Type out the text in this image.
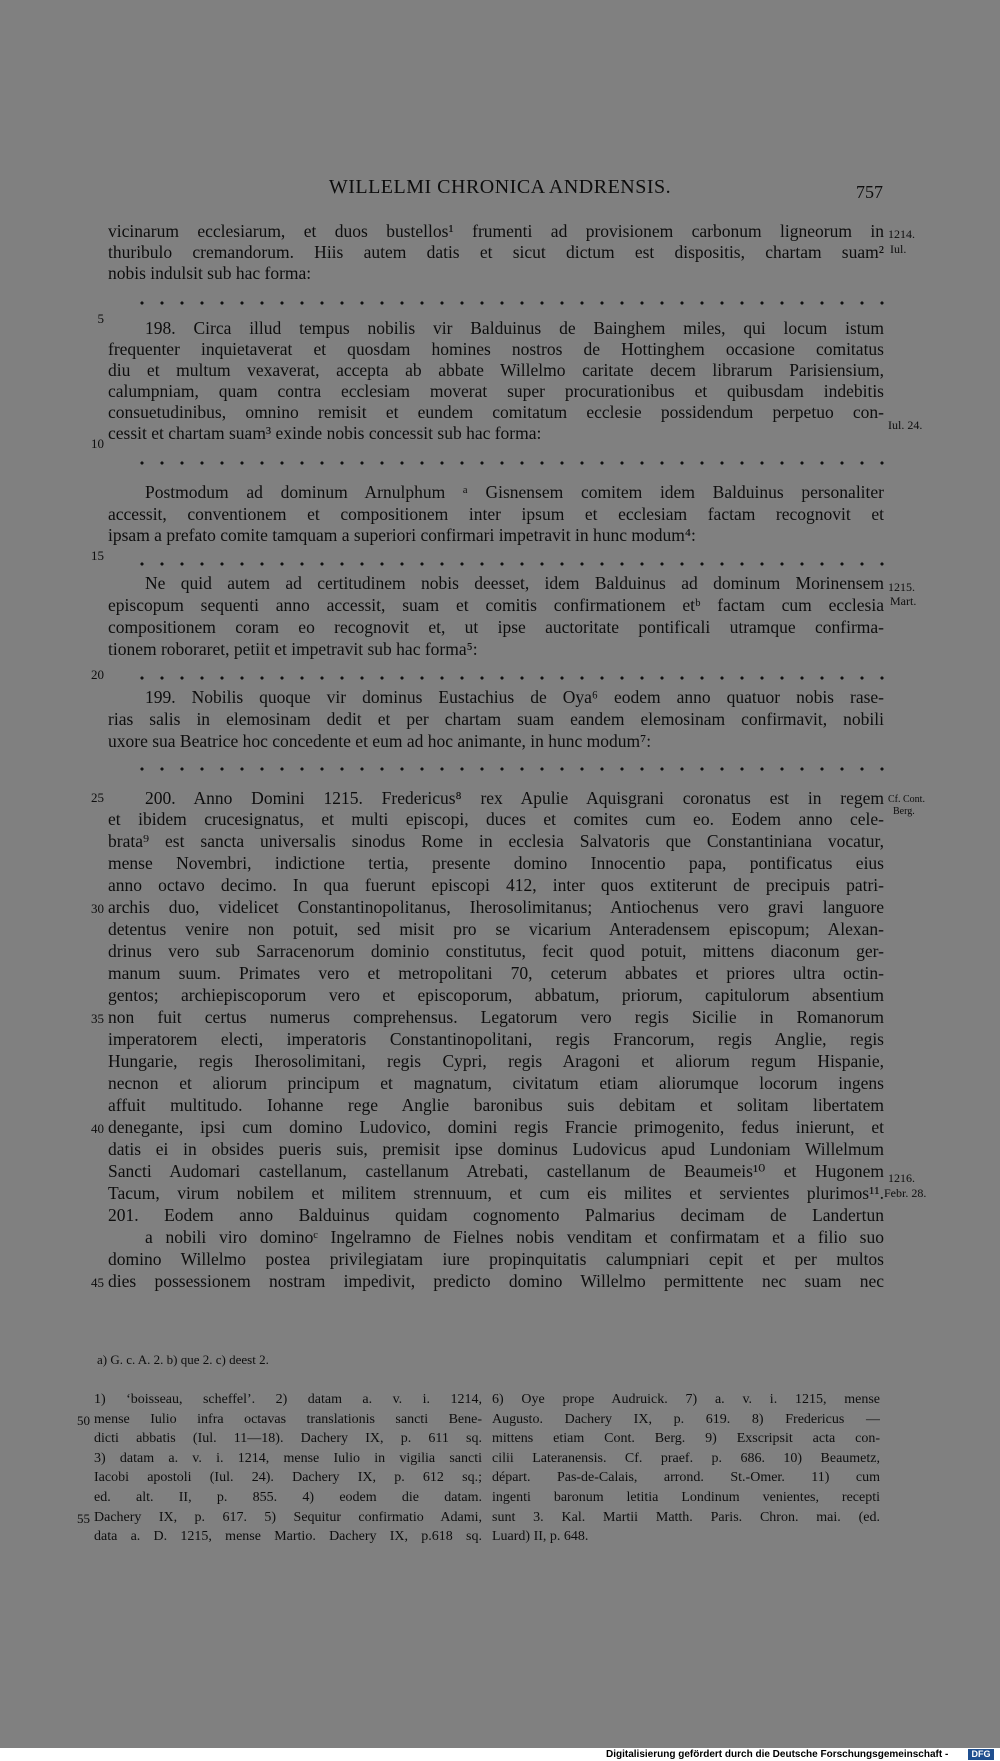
WILLELMI CHRONICA ANDRENSIS.	757
vicinarum ecclesiarum, et duos bustellos¹ frumenti ad provisionem carbonum ligneorum in
thuribulo cremandorum. Hiis autem datis et sicut dictum est dispositis, chartam suam²
nobis indulsit sub hac forma:
198. Circa illud tempus nobilis vir Balduinus de Bainghem miles, qui locum istum
frequenter inquietaverat et quosdam homines nostros de Hottinghem occasione comitatus
diu et multum vexaverat, accepta ab abbate Willelmo caritate decem librarum Parisiensium,
calumpniam, quam contra ecclesiam moverat super procurationibus et quibusdam indebitis
consuetudinibus, omnino remisit et eundem comitatum ecclesie possidendum perpetuo con-
cessit et chartam suam³ exinde nobis concessit sub hac forma:
Postmodum ad dominum Arnulphum ᵃ Gisnensem comitem idem Balduinus personaliter
accessit, conventionem et compositionem inter ipsum et ecclesiam factam recognovit et
ipsam a prefato comite tamquam a superiori confirmari impetravit in hunc modum⁴:
Ne quid autem ad certitudinem nobis deesset, idem Balduinus ad dominum Morinensem
episcopum sequenti anno accessit, suam et comitis confirmationem etᵇ factam cum ecclesia
compositionem coram eo recognovit et, ut ipse auctoritate pontificali utramque confirma-
tionem roboraret, petiit et impetravit sub hac forma⁵:
199. Nobilis quoque vir dominus Eustachius de Oya⁶ eodem anno quatuor nobis rase-
rias salis in elemosinam dedit et per chartam suam eandem elemosinam confirmavit, nobili
uxore sua Beatrice hoc concedente et eum ad hoc animante, in hunc modum⁷:
200. Anno Domini 1215. Fredericus⁸ rex Apulie Aquisgrani coronatus est in regem
et ibidem crucesignatus, et multi episcopi, duces et comites cum eo. Eodem anno cele-
brata⁹ est sancta universalis sinodus Rome in ecclesia Salvatoris que Constantiniana vocatur,
mense Novembri, indictione tertia, presente domino Innocentio papa, pontificatus eius
anno octavo decimo. In qua fuerunt episcopi 412, inter quos extiterunt de precipuis patri-
archis duo, videlicet Constantinopolitanus, Iherosolimitanus; Antiochenus vero gravi languore
detentus venire non potuit, sed misit pro se vicarium Anteradensem episcopum; Alexan-
drinus vero sub Sarracenorum dominio constitutus, fecit quod potuit, mittens diaconum ger-
manum suum. Primates vero et metropolitani 70, ceterum abbates et priores ultra octin-
gentos; archiepiscoporum vero et episcoporum, abbatum, priorum, capitulorum absentium
non fuit certus numerus comprehensus. Legatorum vero regis Sicilie in Romanorum
imperatorem electi, imperatoris Constantinopolitani, regis Francorum, regis Anglie, regis
Hungarie, regis Iherosolimitani, regis Cypri, regis Aragoni et aliorum regum Hispanie,
necnon et aliorum principum et magnatum, civitatum etiam aliorumque locorum ingens
affuit multitudo. Iohanne rege Anglie baronibus suis debitam et solitam libertatem
denegante, ipsi cum domino Ludovico, domini regis Francie primogenito, fedus inierunt, et
datis ei in obsides pueris suis, premisit ipse dominus Ludovicus apud Lundoniam Willelmum
Sancti Audomari castellanum, castellanum Atrebati, castellanum de Beaumeis¹⁰ et Hugonem
Tacum, virum nobilem et militem strennuum, et cum eis milites et servientes plurimos¹¹.
201. Eodem anno Balduinus quidam cognomento Palmarius decimam de Landertun
a nobili viro dominoᶜ Ingelramno de Fielnes nobis venditam et confirmatam et a filio suo
domino Willelmo postea privilegiatam iure propinquitatis calumpniari cepit et per multos
dies possessionem nostram impedivit, predicto domino Willelmo permittente nec suam nec
5
10
15
20
25
30
35
40
45
1214.
Iul.
Iul. 24.
1215.
Mart.
Cf. Cont.
Berg.
1216.
Febr. 28.
a) G. c. A. 2. b) que 2. c) deest 2.
1) ‘boisseau, scheffel’. 2) datam a. v. i. 1214,
mense Iulio infra octavas translationis sancti Bene-
dicti abbatis (Iul. 11—18). Dachery IX, p. 611 sq.
3) datam a. v. i. 1214, mense Iulio in vigilia sancti
Iacobi apostoli (Iul. 24). Dachery IX, p. 612 sq.;
ed. alt. II, p. 855. 4) eodem die datam.
Dachery IX, p. 617. 5) Sequitur confirmatio Adami,
data a. D. 1215, mense Martio. Dachery IX, p.618 sq.
6) Oye prope Audruick. 7) a. v. i. 1215, mense
Augusto. Dachery IX, p. 619. 8) Fredericus —
mittens etiam Cont. Berg. 9) Exscripsit acta con-
cilii Lateranensis. Cf. praef. p. 686. 10) Beaumetz,
départ. Pas-de-Calais, arrond. St.-Omer. 11) cum
ingenti baronum letitia Londinum venientes, recepti
sunt 3. Kal. Martii Matth. Paris. Chron. mai. (ed.
Luard) II, p. 648.
50
55
Digitalisierung gefördert durch die Deutsche Forschungsgemeinschaft -	DFG
